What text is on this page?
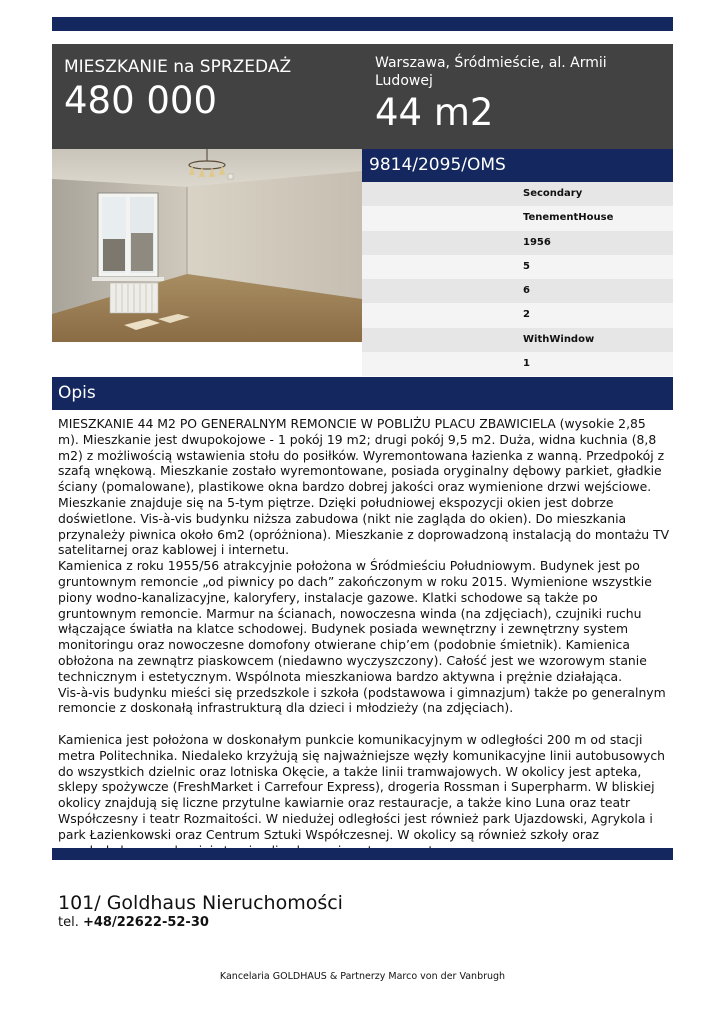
MIESZKANIE na SPRZEDAŻ
480 000
Warszawa, Śródmieście, al. Armii Ludowej
44 m2
9814/2095/OMS
Secondary
TenementHouse
1956
5
6
2
WithWindow
1
Opis

MIESZKANIE 44 M2 PO GENERALNYM REMONCIE W POBLIŻU PLACU ZBAWICIELA (wysokie 2,85 m). Mieszkanie jest dwupokojowe - 1 pokój 19 m2; drugi pokój 9,5 m2. Duża, widna kuchnia (8,8 m2) z możliwością wstawienia stołu do posiłków. Wyremontowana łazienka z wanną. Przedpokój z szafą wnękową. Mieszkanie zostało wyremontowane, posiada oryginalny dębowy parkiet, gładkie ściany (pomalowane), plastikowe okna bardzo dobrej jakości oraz wymienione drzwi wejściowe. Mieszkanie znajduje się na 5-tym piętrze. Dzięki południowej ekspozycji okien jest dobrze doświetlone. Vis-à-vis budynku niższa zabudowa (nikt nie zagląda do okien). Do mieszkania przynależy piwnica około 6m2 (opróżniona). Mieszkanie z doprowadzoną instalacją do montażu TV satelitarnej oraz kablowej i internetu.

Kamienica z roku 1955/56 atrakcyjnie położona w Śródmieściu Południowym. Budynek jest po gruntownym remoncie „od piwnicy po dach” zakończonym w roku 2015. Wymienione wszystkie piony wodno-kanalizacyjne, kaloryfery, instalacje gazowe. Klatki schodowe są także po gruntownym remoncie. Marmur na ścianach, nowoczesna winda (na zdjęciach), czujniki ruchu włączające światła na klatce schodowej. Budynek posiada wewnętrzny i zewnętrzny system monitoringu oraz nowoczesne domofony otwierane chip’em (podobnie śmietnik). Kamienica obłożona na zewnątrz piaskowcem (niedawno wyczyszczony). Całość jest we wzorowym stanie technicznym i estetycznym. Wspólnota mieszkaniowa bardzo aktywna i prężnie działająca.

Vis-à-vis budynku mieści się przedszkole i szkoła (podstawowa i gimnazjum) także po generalnym remoncie z doskonałą infrastrukturą dla dzieci i młodzieży (na zdjęciach).

Kamienica jest położona w doskonałym punkcie komunikacyjnym w odległości 200 m od stacji metra Politechnika. Niedaleko krzyżują się najważniejsze węzły komunikacyjne linii autobusowych do wszystkich dzielnic oraz lotniska Okęcie, a także linii tramwajowych. W okolicy jest apteka, sklepy spożywcze (FreshMarket i Carrefour Express), drogeria Rossman i Superpharm. W bliskiej okolicy znajdują się liczne przytulne kawiarnie oraz restauracje, a także kino Luna oraz teatr Współczesny i teatr Rozmaitości. W niedużej odległości jest również park Ujazdowski, Agrykola i park Łazienkowski oraz Centrum Sztuki Współczesnej. W okolicy są również szkoły oraz

101/ Goldhaus Nieruchomości
tel. +48/22622-52-30
Kancelaria GOLDHAUS & Partnerzy Marco von der Vanbrugh
